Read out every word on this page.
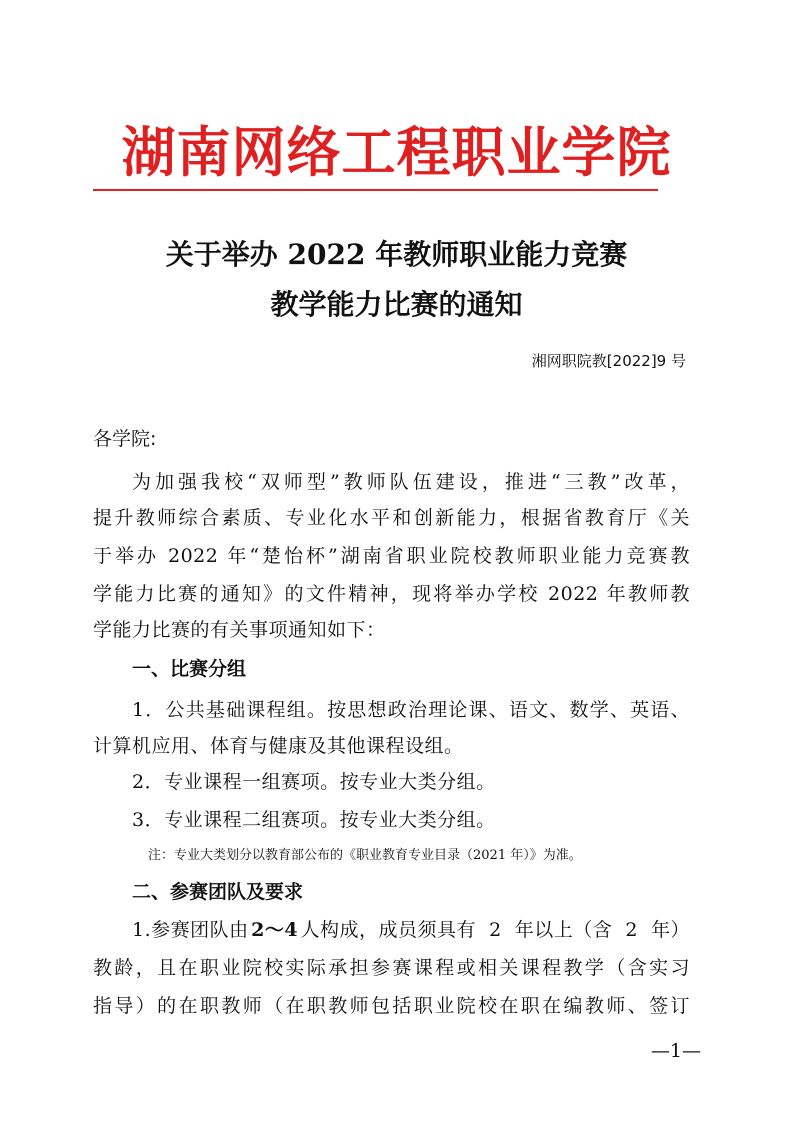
湖南网络工程职业学院
关于举办 2022 年教师职业能力竞赛
教学能力比赛的通知
湘网职院教[2022]9 号
各学院:
为加强我校“双师型”教师队伍建设，推进“三教”改革，
提升教师综合素质、专业化水平和创新能力，根据省教育厅《关
于举办 2022 年“楚怡杯”湖南省职业院校教师职业能力竞赛教
学能力比赛的通知》的文件精神，现将举办学校 2022 年教师教
学能力比赛的有关事项通知如下：
一、比赛分组
1．公共基础课程组。按思想政治理论课、语文、数学、英语、
计算机应用、体育与健康及其他课程设组。
2．专业课程一组赛项。按专业大类分组。
3．专业课程二组赛项。按专业大类分组。
注：专业大类划分以教育部公布的《职业教育专业目录（2021 年）》为准。
二、参赛团队及要求
1.参赛团队由 2～4 人构成，成员须具有  2  年以上（含  2  年）
教龄，且在职业院校实际承担参赛课程或相关课程教学（含实习
指导）的在职教师（在职教师包括职业院校在职在编教师、签订
—1—
